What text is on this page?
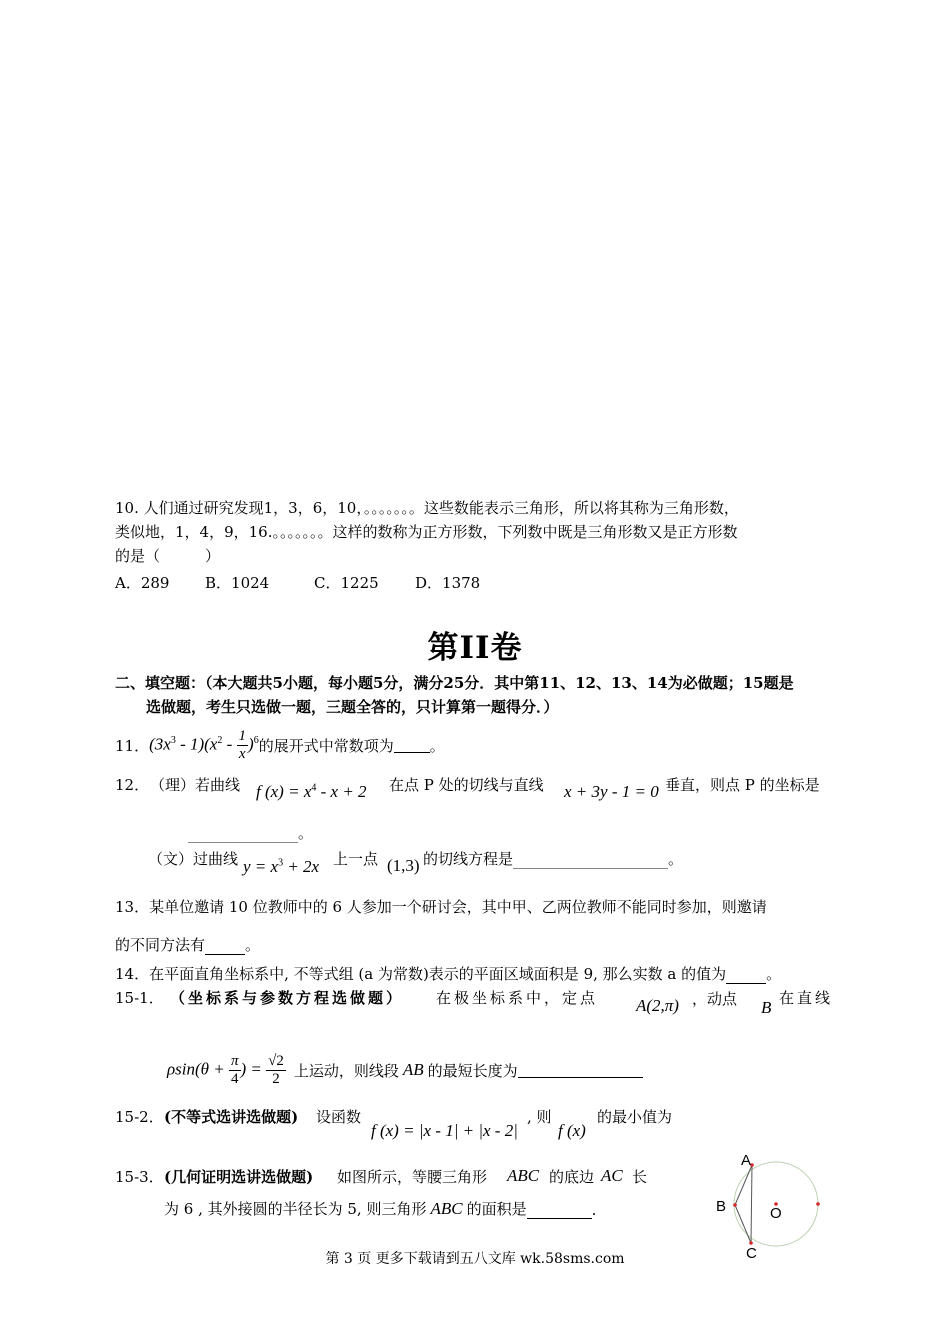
10. 人们通过研究发现1，3，6，10，。。。。。。。这些数能表示三角形，所以将其称为三角形数，
类似地，1，4，9，16.。。。。。。。这样的数称为正方形数，下列数中既是三角形数又是正方形数
的是（　　　）
A．289 B．1024	C．1225 D．1378
第II卷
二、填空题：（本大题共5小题，每小题5分，满分25分．其中第11、12、13、14为必做题；15题是
选做题，考生只选做一题，三题全答的，只计算第一题得分．）
11． $(3x^3 - 1)(x^2 - \frac{1}{x} )^6$ 的展开式中常数项为 。
12． （理）若曲线 f $(x) = x^4 - x + 2$ 在点 P 处的切线与直线 x + 3y - 1 = 0 垂直，则点 P 的坐标是
。
（文）过曲线 $y = x^3 + 2x$ 上一点 (1,3) 的切线方程是	。
13．某单位邀请 10 位教师中的 6 人参加一个研讨会，其中甲、乙两位教师不能同时参加，则邀请
的不同方法有	。
14．在平面直角坐标系中, 不等式组 (a 为常数)表示的平面区域面积是 9, 那么实数 a 的值为	。
15-1． （坐标系与参数方程选做题） 在极坐标系中，定点 A(2,π) ，动点 B 在直线
$\rho\sin(\theta + \frac{\pi}{4}$ ) = $\frac{√2}{2}$ 上运动，则线段 AB 的最短长度为
15-2． (不等式选讲选做题) 设函数
f (x) = |x - 1| + |x - 2|
, 则
f (x)
的最小值为
15-3． (几何证明选讲选做题) 如图所示，等腰三角形 ABC 的底边 AC 长
为 6 , 其外接圆的半径长为 5, 则三角形 ABC 的面积是	.
A
B
C
O
第 3 页 更多下载请到五八文库 wk.58sms.com
